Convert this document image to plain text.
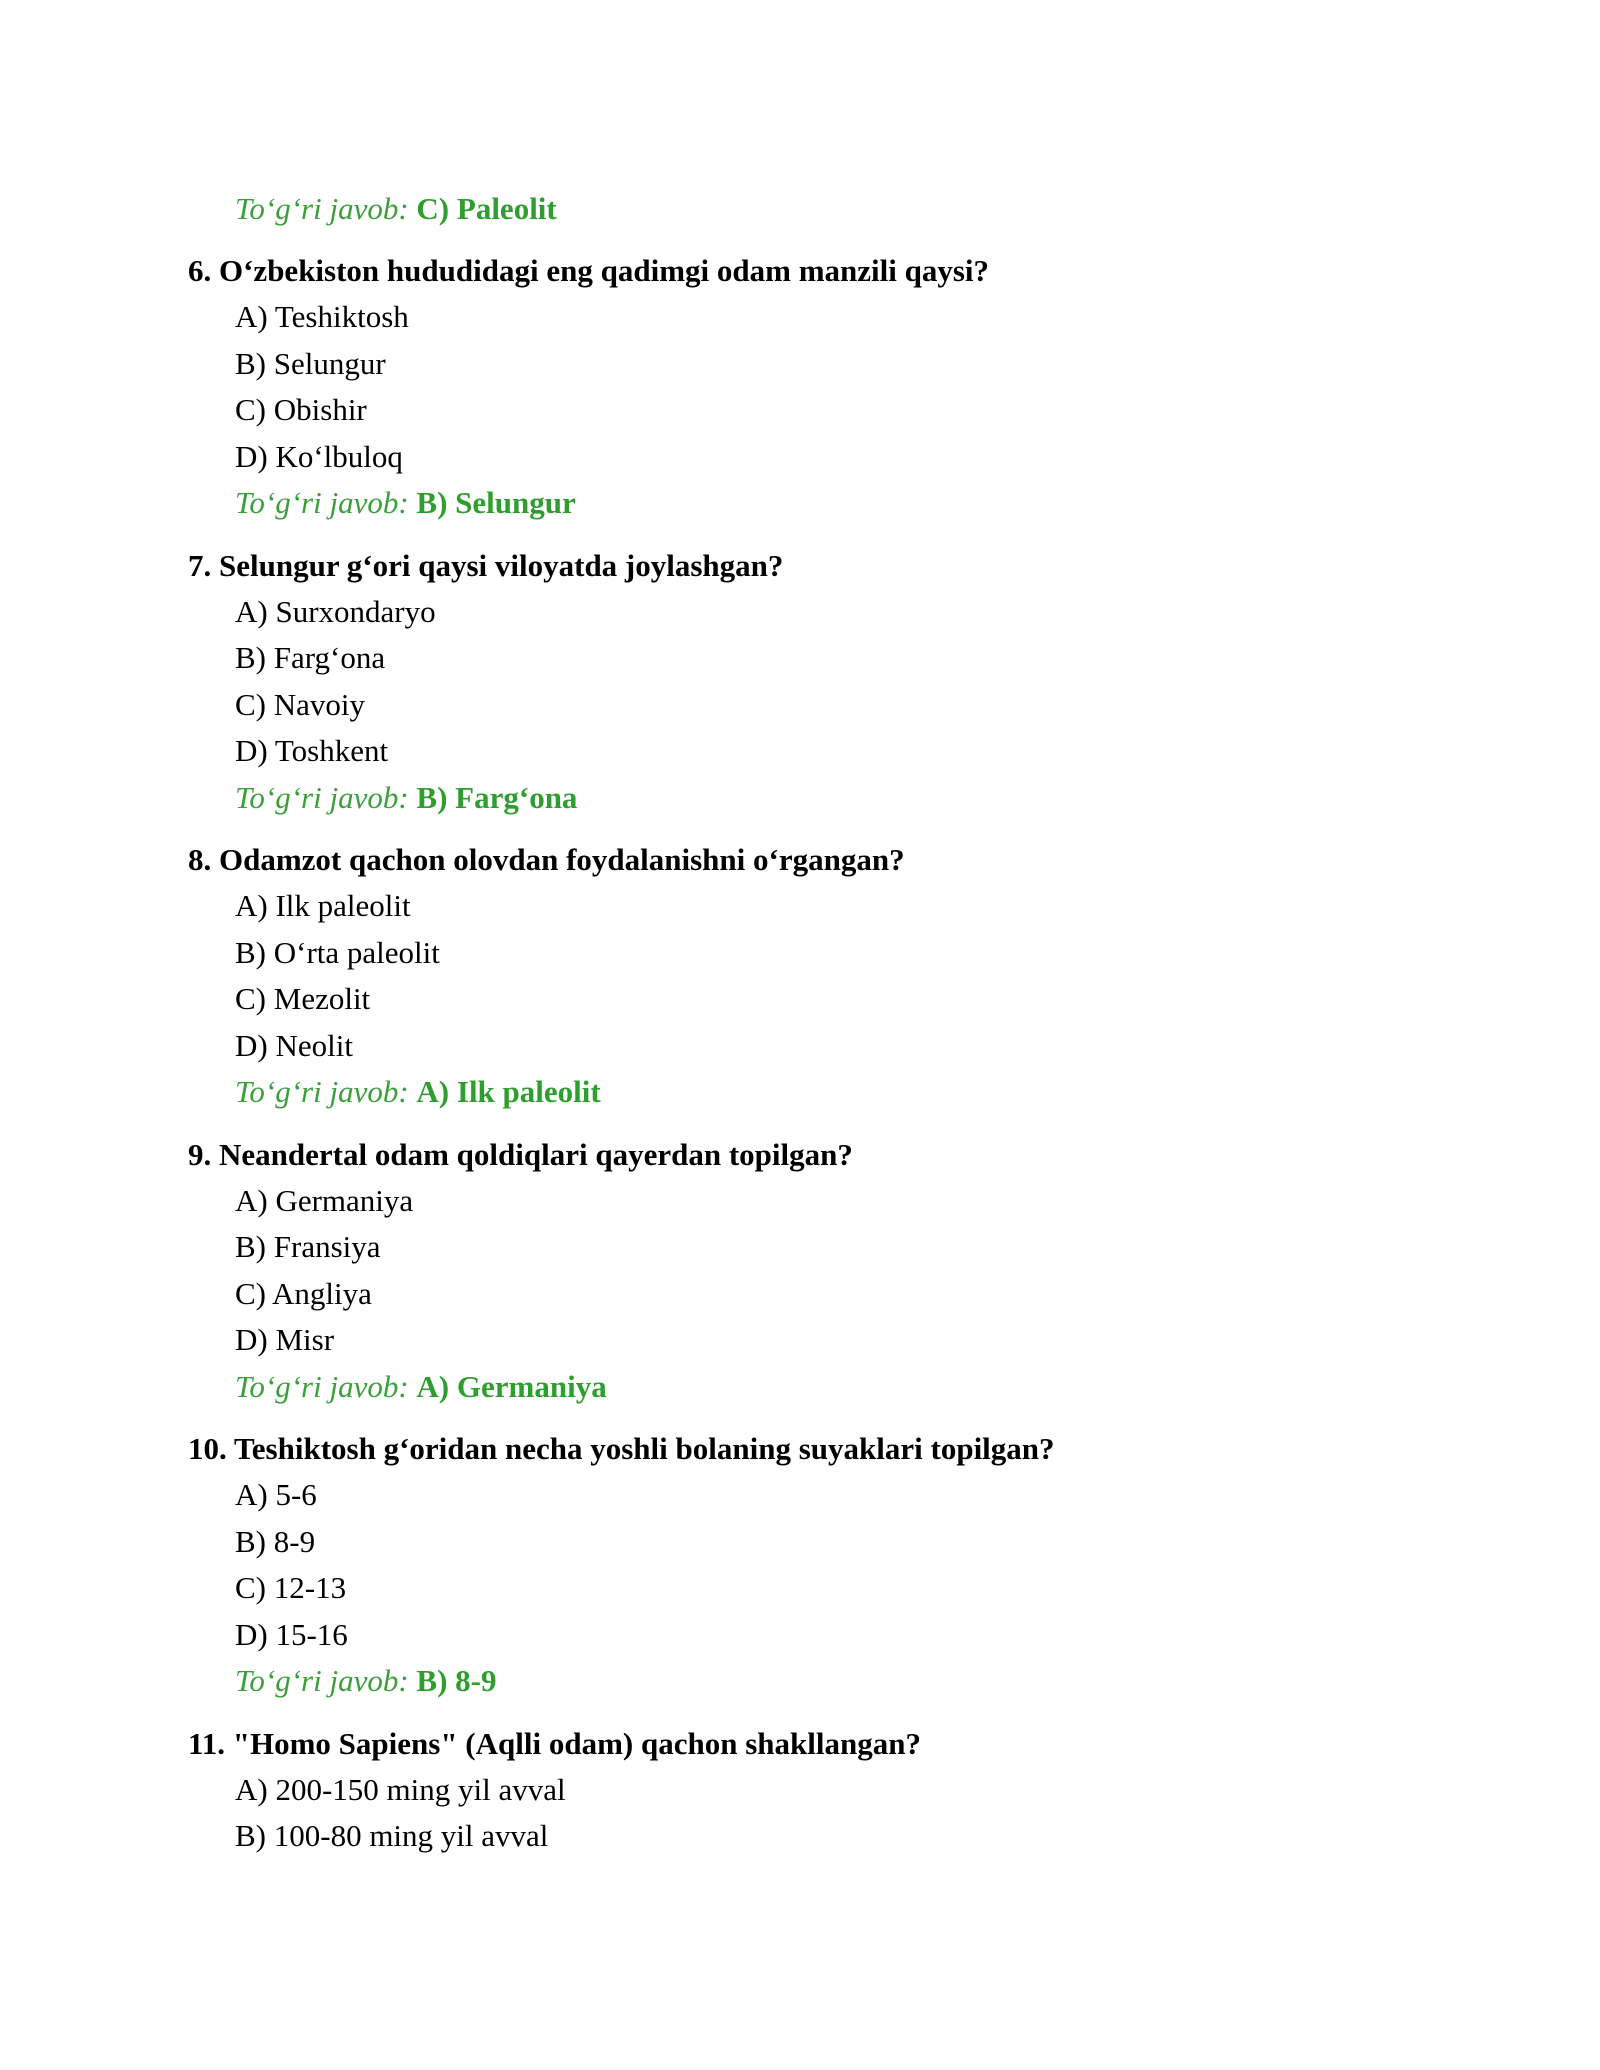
To‘g‘ri javob: C) Paleolit
6. O‘zbekiston hududidagi eng qadimgi odam manzili qaysi?
A) Teshiktosh
B) Selungur
C) Obishir
D) Ko‘lbuloq
To‘g‘ri javob: B) Selungur
7. Selungur g‘ori qaysi viloyatda joylashgan?
A) Surxondaryo
B) Farg‘ona
C) Navoiy
D) Toshkent
To‘g‘ri javob: B) Farg‘ona
8. Odamzot qachon olovdan foydalanishni o‘rgangan?
A) Ilk paleolit
B) O‘rta paleolit
C) Mezolit
D) Neolit
To‘g‘ri javob: A) Ilk paleolit
9. Neandertal odam qoldiqlari qayerdan topilgan?
A) Germaniya
B) Fransiya
C) Angliya
D) Misr
To‘g‘ri javob: A) Germaniya
10. Teshiktosh g‘oridan necha yoshli bolaning suyaklari topilgan?
A) 5-6
B) 8-9
C) 12-13
D) 15-16
To‘g‘ri javob: B) 8-9
11. "Homo Sapiens" (Aqlli odam) qachon shakllangan?
A) 200-150 ming yil avval
B) 100-80 ming yil avval
